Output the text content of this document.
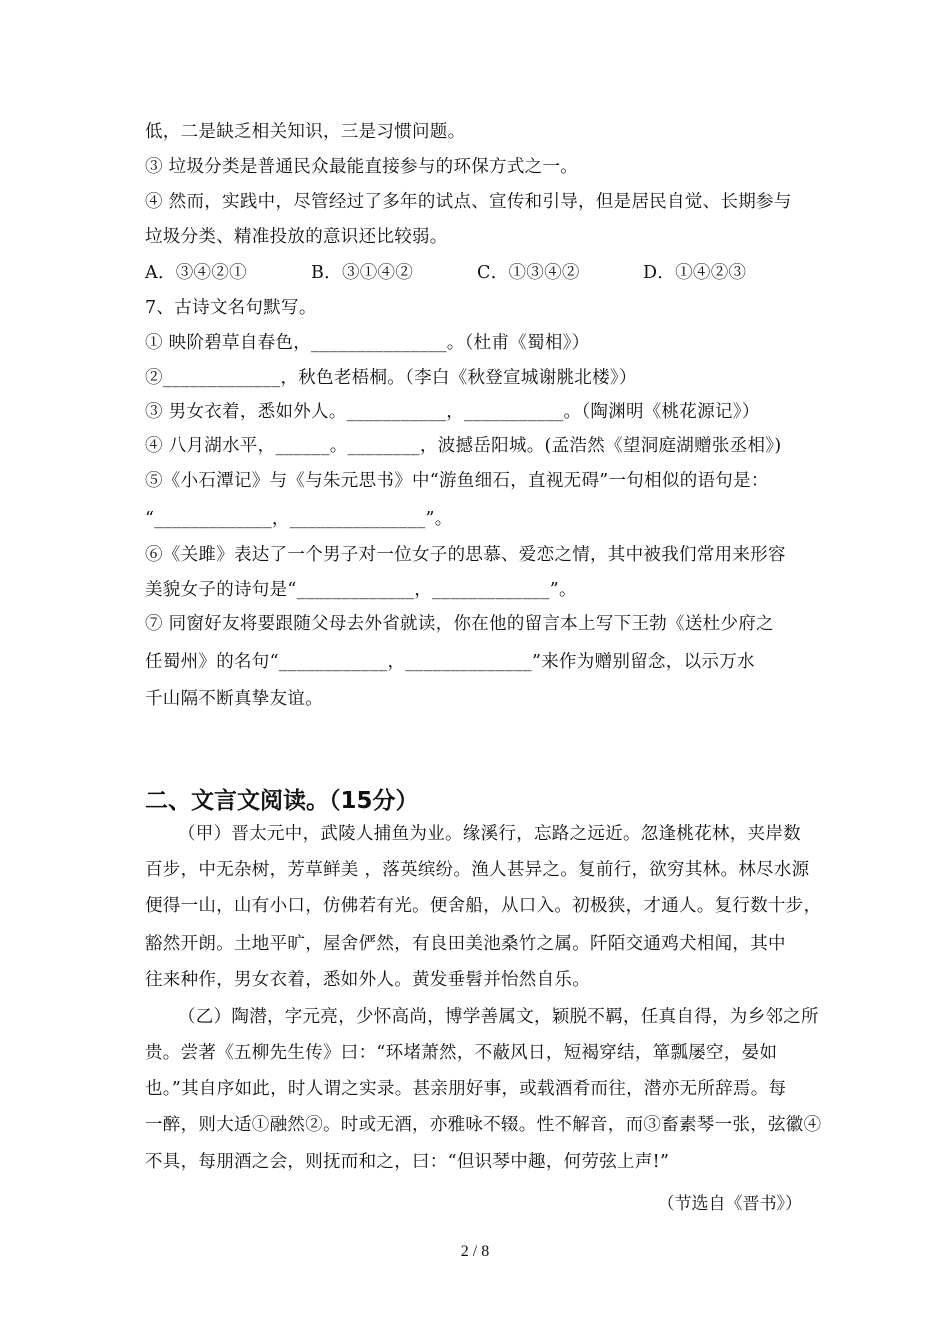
低，二是缺乏相关知识，三是习惯问题。
③ 垃圾分类是普通民众最能直接参与的环保方式之一。
④ 然而，实践中，尽管经过了多年的试点、宣传和引导，但是居民自觉、长期参与
垃圾分类、精准投放的意识还比较弱。
A．③④②①	B．③①④②	C．①③④②	D．①④②③
7、古诗文名句默写。
① 映阶碧草自春色，_______________。（杜甫《蜀相》）
②_____________，秋色老梧桐。（李白《秋登宣城谢脁北楼》）
③ 男女衣着，悉如外人。___________，___________。（陶渊明《桃花源记》）
④ 八月湖水平，______。________，波撼岳阳城。(孟浩然《望洞庭湖赠张丞相》)
⑤《小石潭记》与《与朱元思书》中“游鱼细石，直视无碍”一句相似的语句是：
“_____________，_______________”。
⑥《关雎》表达了一个男子对一位女子的思慕、爱恋之情，其中被我们常用来形容
美貌女子的诗句是“_____________，_____________”。
⑦ 同窗好友将要跟随父母去外省就读，你在他的留言本上写下王勃《送杜少府之
任蜀州》的名句“____________，______________”来作为赠别留念，以示万水
千山隔不断真挚友谊。
二、文言文阅读。（15分）
（甲）晋太元中，武陵人捕鱼为业。缘溪行，忘路之远近。忽逢桃花林，夹岸数
百步，中无杂树，芳草鲜美 ，落英缤纷。渔人甚异之。复前行，欲穷其林。林尽水源
便得一山，山有小口，仿佛若有光。便舍船，从口入。初极狭，才通人。复行数十步，
豁然开朗。土地平旷，屋舍俨然，有良田美池桑竹之属。阡陌交通鸡犬相闻，其中
往来种作，男女衣着，悉如外人。黄发垂髫并怡然自乐。
（乙）陶潜，字元亮，少怀高尚，博学善属文，颖脱不羁，任真自得，为乡邻之所
贵。尝著《五柳先生传》曰：“环堵萧然，不蔽风日，短褐穿结，箪瓢屡空，晏如
也。”其自序如此，时人谓之实录。甚亲朋好事，或载酒肴而往，潜亦无所辞焉。每
一醉，则大适①融然②。时或无酒，亦雅咏不辍。性不解音，而③畜素琴一张，弦徽④
不具，每朋酒之会，则抚而和之，曰：“但识琴中趣，何劳弦上声!”
（节选自《晋书》）
2 / 8
